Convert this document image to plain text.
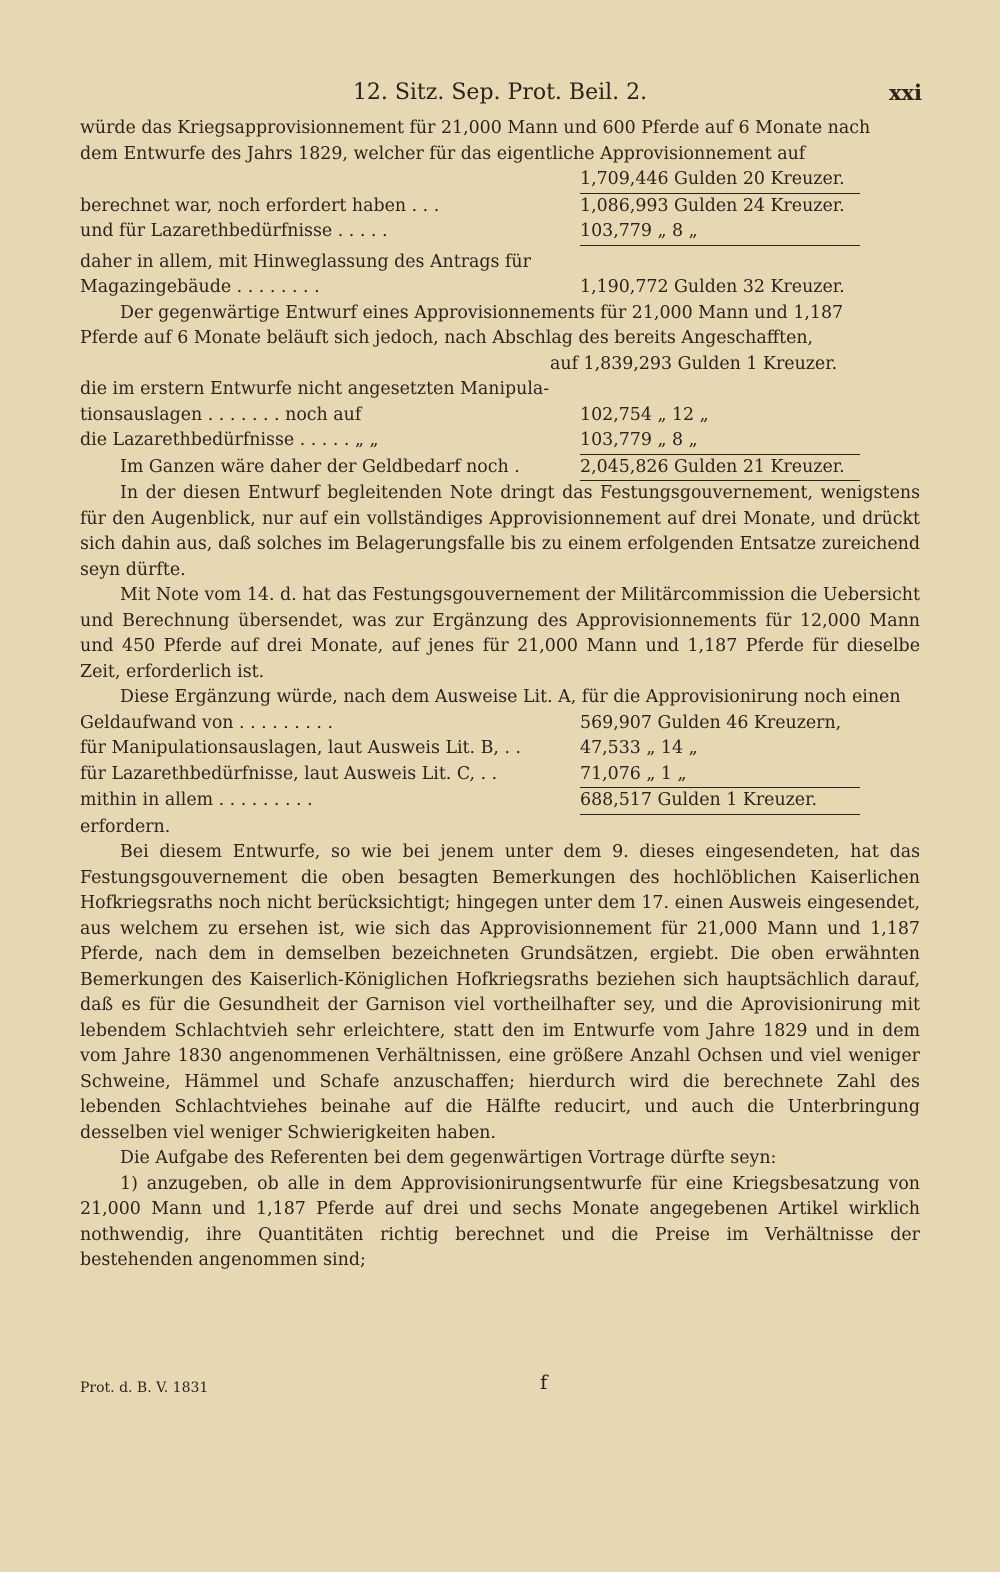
12. Sitz. Sep. Prot. Beil. 2.	xxi

würde das Kriegsapprovisionnement für 21,000 Mann und 600 Pferde auf 6 Monate nach

dem Entwurfe des Jahrs 1829, welcher für das eigentliche Approvisionnement auf

1,709,446 Gulden 20 Kreuzer.
berechnet war, noch erfordert haben . . .	1,086,993 Gulden 24 Kreuzer.
und für Lazarethbedürfnisse . . . . .	103,779 „ 8 „

daher in allem, mit Hinweglassung des Antrags für

Magazingebäude . . . . . . . .	1,190,772 Gulden 32 Kreuzer.

Der gegenwärtige Entwurf eines Approvisionnements für 21,000 Mann und 1,187

Pferde auf 6 Monate beläuft sich jedoch, nach Abschlag des bereits Angeschafften,

auf 1,839,293 Gulden 1 Kreuzer.

die im erstern Entwurfe nicht angesetzten Manipula-

tionsauslagen . . . . . . . noch auf	102,754 „ 12 „
die Lazarethbedürfnisse . . . . . „ „	103,779 „ 8 „
Im Ganzen wäre daher der Geldbedarf noch .	2,045,826 Gulden 21 Kreuzer.

In der diesen Entwurf begleitenden Note dringt das Festungsgouvernement, wenigstens für den Augenblick, nur auf ein vollständiges Approvisionnement auf drei Monate, und drückt sich dahin aus, daß solches im Belagerungsfalle bis zu einem erfolgenden Entsatze zureichend seyn dürfte.

Mit Note vom 14. d. hat das Festungsgouvernement der Militärcommission die Uebersicht und Berechnung übersendet, was zur Ergänzung des Approvisionnements für 12,000 Mann und 450 Pferde auf drei Monate, auf jenes für 21,000 Mann und 1,187 Pferde für dieselbe Zeit, erforderlich ist.

Diese Ergänzung würde, nach dem Ausweise Lit. A, für die Approvisionirung noch einen

Geldaufwand von . . . . . . . . .	569,907 Gulden 46 Kreuzern,
für Manipulationsauslagen, laut Ausweis Lit. B, . .	47,533 „ 14 „
für Lazarethbedürfnisse, laut Ausweis Lit. C, . .	71,076 „ 1 „
mithin in allem . . . . . . . . .	688,517 Gulden 1 Kreuzer.

erfordern.

Bei diesem Entwurfe, so wie bei jenem unter dem 9. dieses eingesendeten, hat das Festungsgouvernement die oben besagten Bemerkungen des hochlöblichen Kaiserlichen Hofkriegsraths noch nicht berücksichtigt; hingegen unter dem 17. einen Ausweis eingesendet, aus welchem zu ersehen ist, wie sich das Approvisionnement für 21,000 Mann und 1,187 Pferde, nach dem in demselben bezeichneten Grundsätzen, ergiebt. Die oben erwähnten Bemerkungen des Kaiserlich-Königlichen Hofkriegsraths beziehen sich hauptsächlich darauf, daß es für die Gesundheit der Garnison viel vortheilhafter sey, und die Aprovisionirung mit lebendem Schlachtvieh sehr erleichtere, statt den im Entwurfe vom Jahre 1829 und in dem vom Jahre 1830 angenommenen Verhältnissen, eine größere Anzahl Ochsen und viel weniger Schweine, Hämmel und Schafe anzuschaffen; hierdurch wird die berechnete Zahl des lebenden Schlachtviehes beinahe auf die Hälfte reducirt, und auch die Unterbringung desselben viel weniger Schwierigkeiten haben.

Die Aufgabe des Referenten bei dem gegenwärtigen Vortrage dürfte seyn:

1) anzugeben, ob alle in dem Approvisionirungsentwurfe für eine Kriegsbesatzung von 21,000 Mann und 1,187 Pferde auf drei und sechs Monate angegebenen Artikel wirklich nothwendig, ihre Quantitäten richtig berechnet und die Preise im Verhältnisse der bestehenden angenommen sind;

Prot. d. B. V. 1831	f
